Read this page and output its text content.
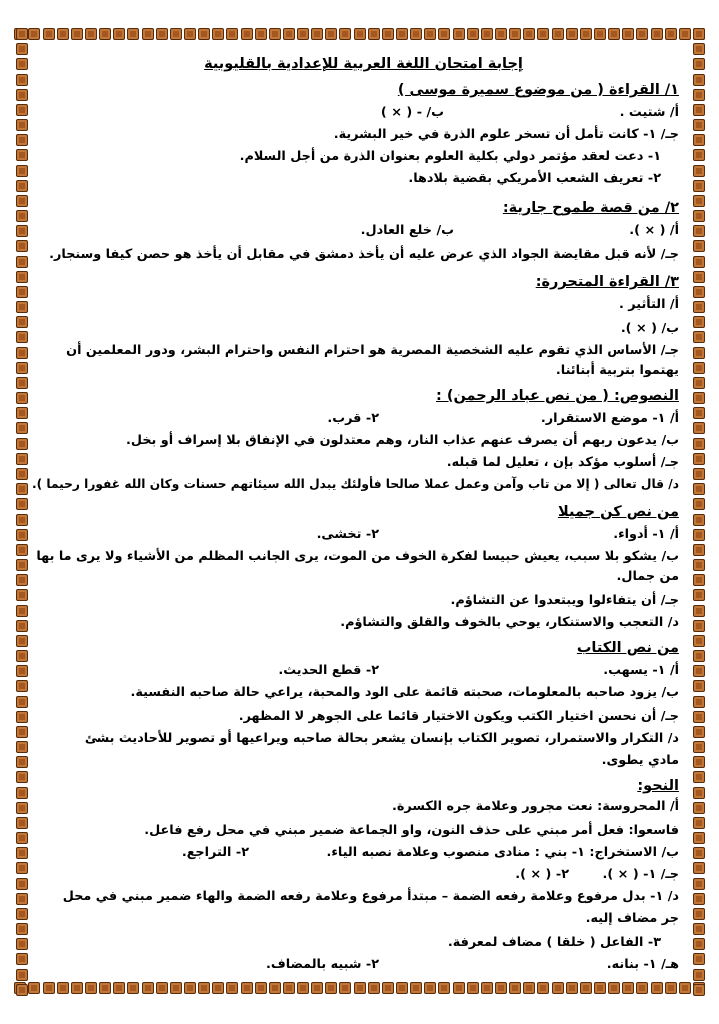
إجابة امتحان اللغة العربية للإعدادية بالقليوبية
١/ القراءة ( من موضوع سميرة موسى )
أ/ شتيت .
ب/ - ( × )
جـ/ ١- كانت تأمل أن تسخر علوم الذرة في خير البشرية.
١- دعت لعقد مؤتمر دولي بكلية العلوم بعنوان الذرة من أجل السلام.
٢- تعريف الشعب الأمريكي بقضية بلادها.
٢/ من قصة طموح جارية:
أ/ ( × ).
ب/ خلع العادل.
جـ/ لأنه قبل مقايضة الجواد الذي عرض عليه أن يأخذ دمشق في مقابل أن يأخذ هو حصن كيفا وسنجار.
٣/ القراءة المتحررة:
أ/ التأثير .
ب/ ( × ).
جـ/ الأساس الذي تقوم عليه الشخصية المصرية هو احترام النفس واحترام البشر، ودور المعلمين أن
يهتموا بتربية أبنائنا.
النصوص: ( من نص عباد الرحمن) :
أ/ ١- موضع الاستقرار.
٢- قرب.
ب/ يدعون ربهم أن يصرف عنهم عذاب النار، وهم معتدلون في الإنفاق بلا إسراف أو بخل.
جـ/ أسلوب مؤكد بإن ، تعليل لما قبله.
د/ قال تعالى ( إلا من تاب وآمن وعمل عملا صالحا فأولئك يبدل الله سيئاتهم حسنات وكان الله غفورا رحيما ).
من نص كن جميلا
أ/ ١- أدواء.
٢- تخشى.
ب/ يشكو بلا سبب، يعيش حبيسا لفكرة الخوف من الموت، يرى الجانب المظلم من الأشياء ولا يرى ما بها
من جمال.
جـ/ أن يتفاءلوا ويبتعدوا عن التشاؤم.
د/ التعجب والاستنكار، يوحي بالخوف والقلق والتشاؤم.
من نص الكتاب
أ/ ١- يسهب.
٢- قطع الحديث.
ب/ يزود صاحبه بالمعلومات، صحبته قائمة على الود والمحبة، يراعي حالة صاحبه النفسية.
جـ/ أن نحسن اختيار الكتب ويكون الاختيار قائما على الجوهر لا المظهر.
د/ التكرار والاستمرار، تصوير الكتاب بإنسان يشعر بحالة صاحبه ويراعيها أو تصوير للأحاديث بشئ
مادي يطوى.
النحو:
أ/ المحروسة: نعت مجرور وعلامة جره الكسرة.
فاسعوا: فعل أمر مبني على حذف النون، واو الجماعة ضمير مبني في محل رفع فاعل.
ب/ الاستخراج: ١- بني : منادى منصوب وعلامة نصبه الياء.
٢- التراجع.
جـ/ ١- ( × ).
٢- ( × ).
د/ ١- بدل مرفوع وعلامة رفعه الضمة – مبتدأ مرفوع وعلامة رفعه الضمة والهاء ضمير مبني في محل
جر مضاف إليه.
٣- الفاعل ( خلقا ) مضاف لمعرفة.
هـ/ ١- بنانه.
٢- شبيه بالمضاف.
